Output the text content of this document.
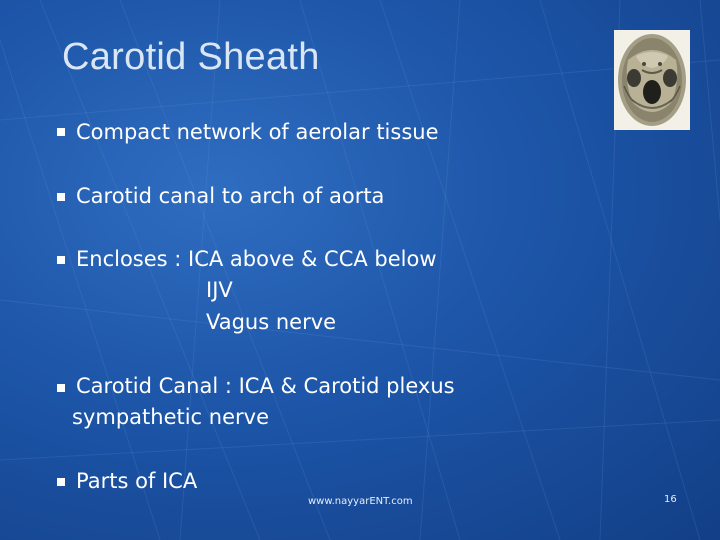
Carotid Sheath
Compact network of aerolar tissue
Carotid canal to arch of aorta
Encloses : ICA above & CCA below
IJV
Vagus nerve
Carotid Canal : ICA & Carotid plexus
sympathetic nerve
Parts of ICA
www.nayyarENT.com	16
